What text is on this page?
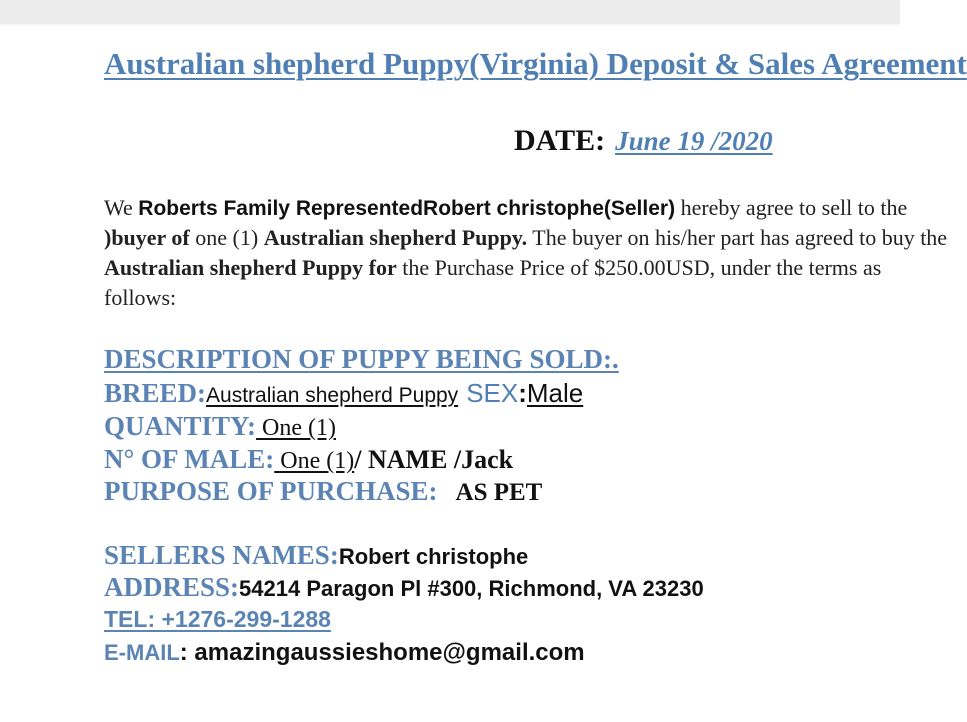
Australian shepherd Puppy(Virginia) Deposit & Sales Agreement
DATE: June 19 /2020
We Roberts Family RepresentedRobert christophe(Seller) hereby agree to sell to the
)buyer of one (1) Australian shepherd Puppy. The buyer on his/her part has agreed to buy the
Australian shepherd Puppy for the Purchase Price of $250.00USD, under the terms as
follows:
DESCRIPTION OF PUPPY BEING SOLD:.
BREED:Australian shepherd Puppy SEX:Male
QUANTITY: One (1)
N° OF MALE: One (1)/ NAME /Jack
PURPOSE OF PURCHASE: AS PET
SELLERS NAMES:Robert christophe
ADDRESS:54214 Paragon Pl #300, Richmond, VA 23230
TEL: +1276-299-1288
E-MAIL: amazingaussieshome@gmail.com
